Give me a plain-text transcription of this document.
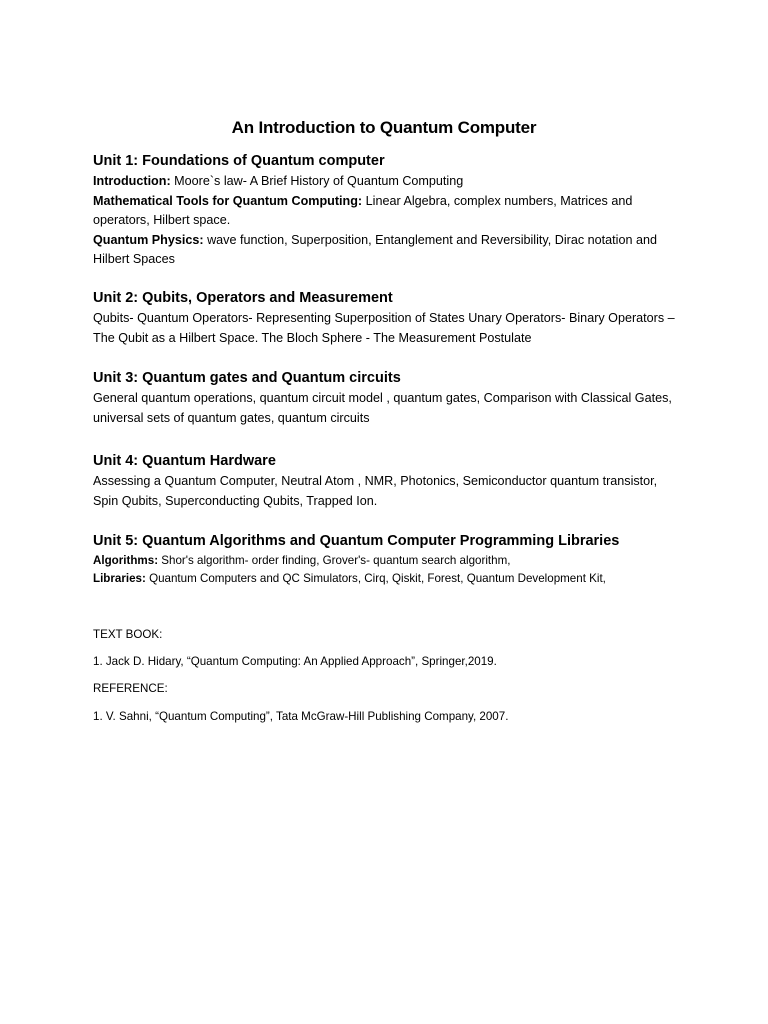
An Introduction to Quantum Computer
Unit 1: Foundations of Quantum computer

Introduction: Moore`s law- A Brief History of Quantum Computing

Mathematical Tools for Quantum Computing: Linear Algebra, complex numbers, Matrices and operators, Hilbert space.

Quantum Physics: wave function, Superposition, Entanglement and Reversibility, Dirac notation and Hilbert Spaces

Unit 2: Qubits, Operators and Measurement

Qubits- Quantum Operators- Representing Superposition of States Unary Operators- Binary Operators – The Qubit as a Hilbert Space. The Bloch Sphere - The Measurement Postulate

Unit 3: Quantum gates and Quantum circuits

General quantum operations, quantum circuit model , quantum gates, Comparison with Classical Gates, universal sets of quantum gates, quantum circuits

Unit 4: Quantum Hardware

Assessing a Quantum Computer, Neutral Atom , NMR, Photonics, Semiconductor quantum transistor, Spin Qubits, Superconducting Qubits, Trapped Ion.

Unit 5: Quantum Algorithms and Quantum Computer Programming Libraries

Algorithms: Shor's algorithm- order finding, Grover's- quantum search algorithm,

Libraries: Quantum Computers and QC Simulators, Cirq, Qiskit, Forest, Quantum Development Kit,

TEXT BOOK:
1. Jack D. Hidary, “Quantum Computing: An Applied Approach”, Springer,2019.
REFERENCE:
1. V. Sahni, “Quantum Computing”, Tata McGraw-Hill Publishing Company, 2007.
